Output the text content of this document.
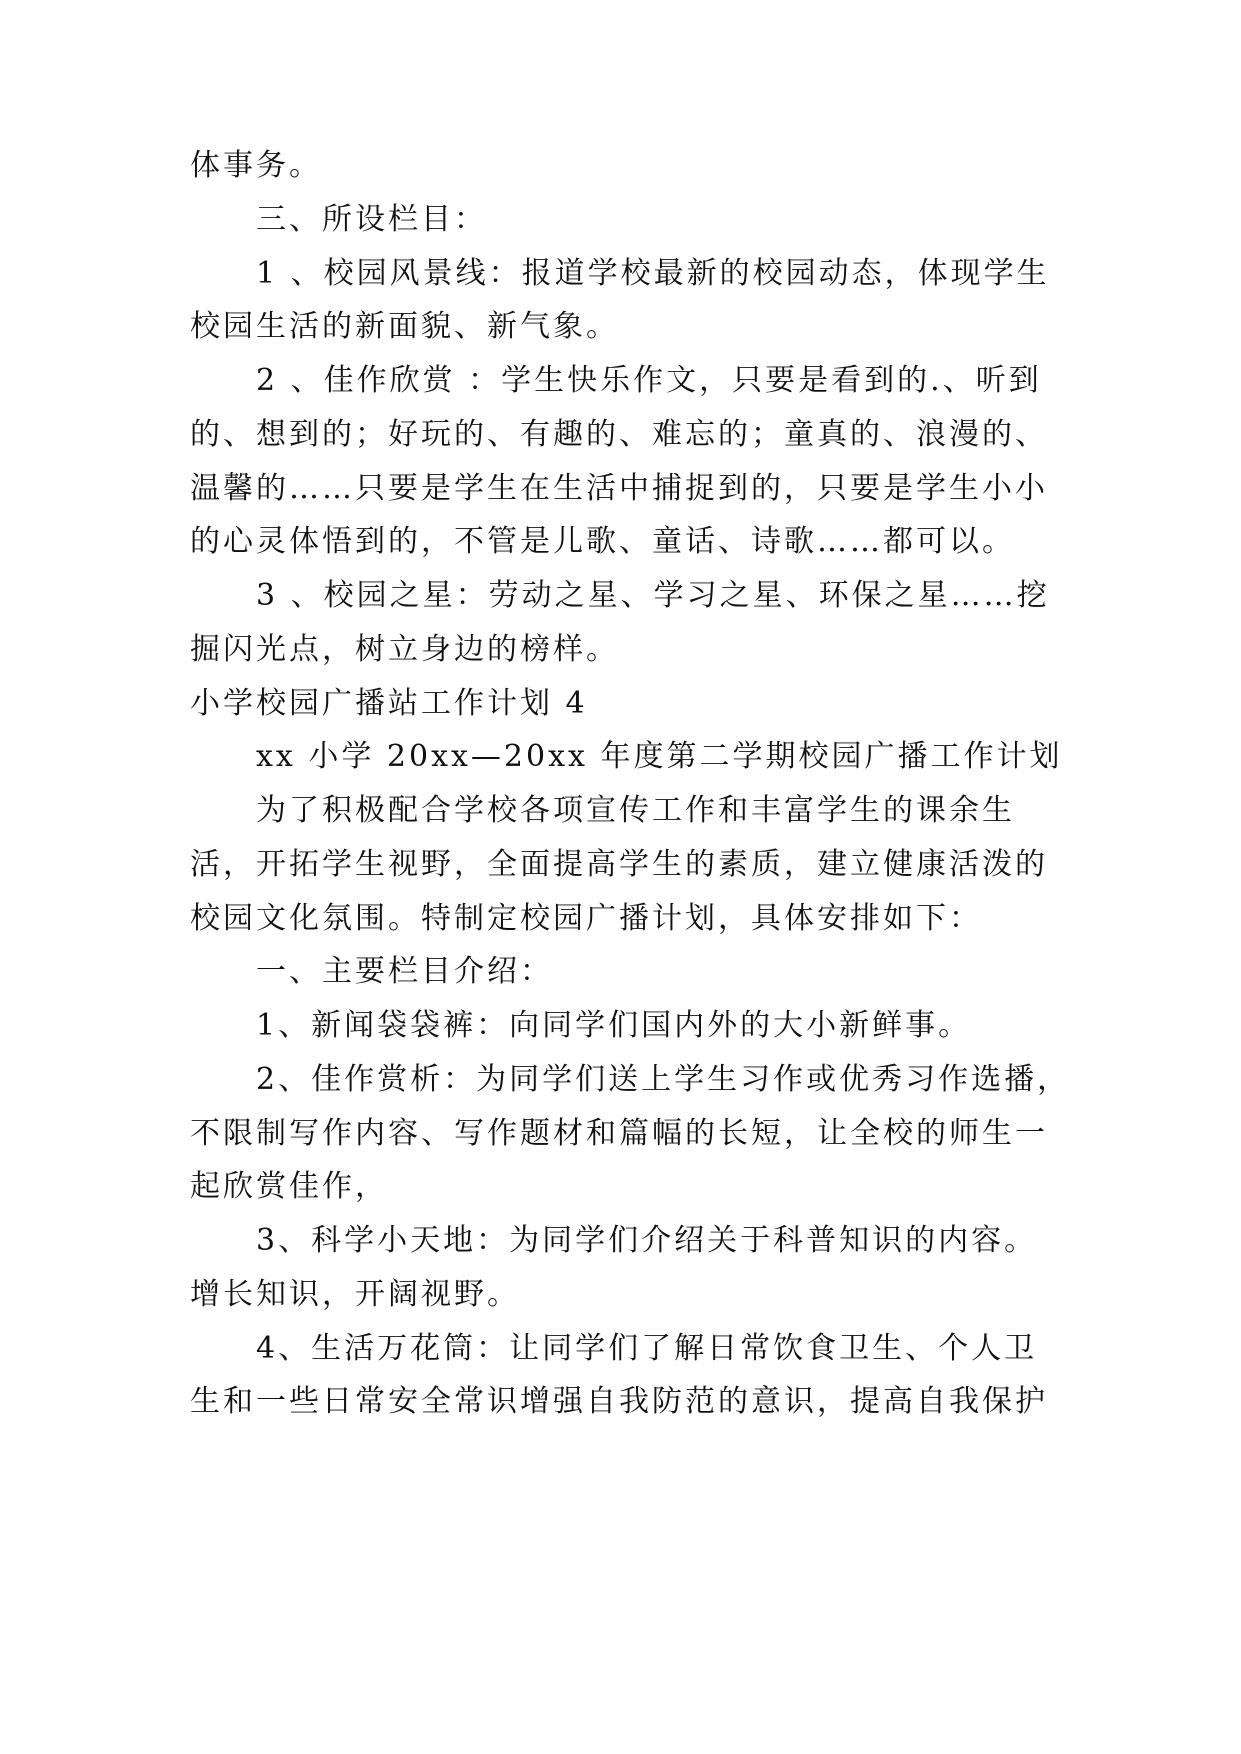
体事务。
三、所设栏目：
1 、校园风景线：报道学校最新的校园动态，体现学生
校园生活的新面貌、新气象。
2 、佳作欣赏 ：学生快乐作文，只要是看到的.、听到
的、想到的；好玩的、有趣的、难忘的；童真的、浪漫的、
温馨的……只要是学生在生活中捕捉到的，只要是学生小小
的心灵体悟到的，不管是儿歌、童话、诗歌……都可以。
3 、校园之星：劳动之星、学习之星、环保之星……挖
掘闪光点，树立身边的榜样。
小学校园广播站工作计划 4
xx 小学 20xx—20xx 年度第二学期校园广播工作计划
为了积极配合学校各项宣传工作和丰富学生的课余生
活，开拓学生视野，全面提高学生的素质，建立健康活泼的
校园文化氛围。特制定校园广播计划，具体安排如下：
一、主要栏目介绍：
1、新闻袋袋裤：向同学们国内外的大小新鲜事。
2、佳作赏析：为同学们送上学生习作或优秀习作选播，
不限制写作内容、写作题材和篇幅的长短，让全校的师生一
起欣赏佳作，
3、科学小天地：为同学们介绍关于科普知识的内容。
增长知识，开阔视野。
4、生活万花筒：让同学们了解日常饮食卫生、个人卫
生和一些日常安全常识增强自我防范的意识，提高自我保护
